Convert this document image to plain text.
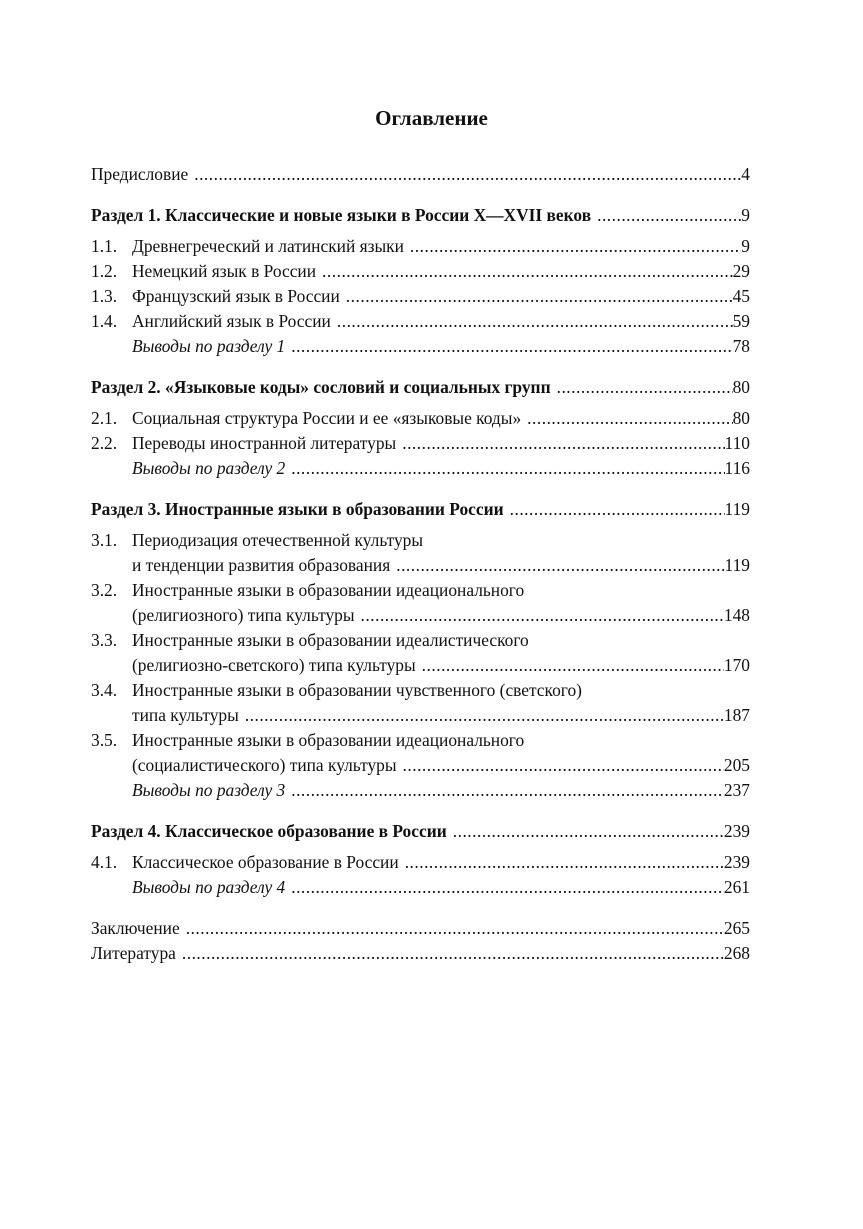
Оглавление
Предисловие .....	4
Раздел 1. Классические и новые языки в России X—XVII веков .....	9
1.1. Древнегреческий и латинский языки .....	9
1.2. Немецкий язык в России .....	29
1.3. Французский язык в России .....	45
1.4. Английский язык в России .....	59
Выводы по разделу 1 .....	78
Раздел 2. «Языковые коды» сословий и социальных групп .....	80
2.1. Социальная структура России и ее «языковые коды» .....	80
2.2. Переводы иностранной литературы .....	110
Выводы по разделу 2 .....	116
Раздел 3. Иностранные языки в образовании России .....	119
3.1. Периодизация отечественной культуры
и тенденции развития образования .....	119
3.2. Иностранные языки в образовании идеационального
(религиозного) типа культуры .....	148
3.3. Иностранные языки в образовании идеалистического
(религиозно-светского) типа культуры .....	170
3.4. Иностранные языки в образовании чувственного (светского)
типа культуры .....	187
3.5. Иностранные языки в образовании идеационального
(социалистического) типа культуры .....	205
Выводы по разделу 3 .....	237
Раздел 4. Классическое образование в России .....	239
4.1. Классическое образование в России .....	239
Выводы по разделу 4 .....	261
Заключение .....	265
Литература .....	268
